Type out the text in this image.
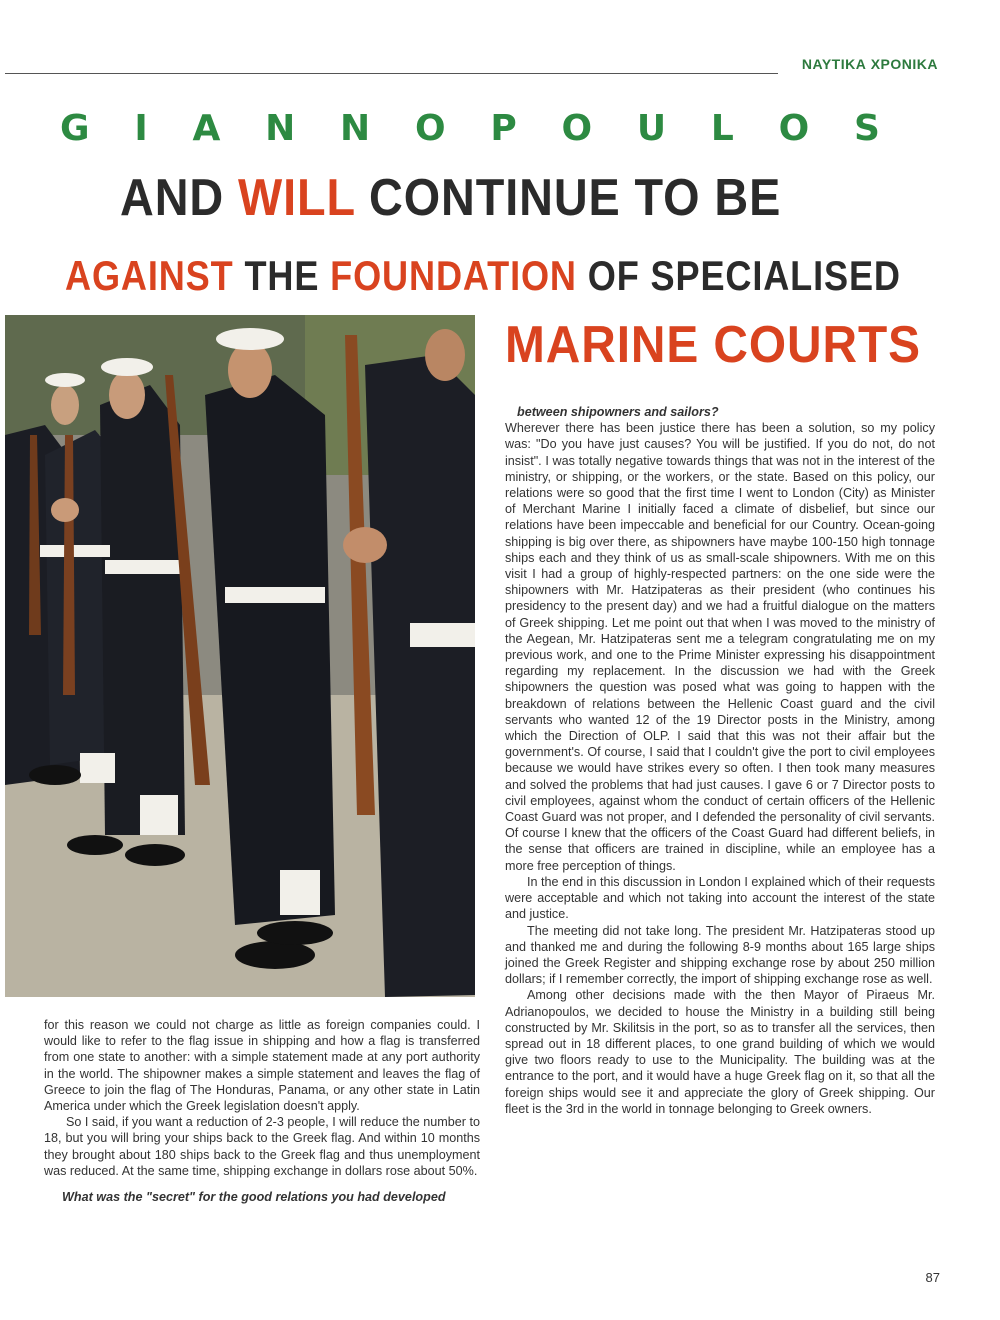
ΝΑΥΤΙΚΑ ΧΡΟΝΙΚΑ
G I A N N O P O U L O S
AND WILL CONTINUE TO BE
AGAINST THE FOUNDATION OF SPECIALISED
MARINE COURTS

between shipowners and sailors?

Wherever there has been justice there has been a solution, so my policy was: "Do you have just causes? You will be justified. If you do not, do not insist". I was totally negative towards things that was not in the interest of the ministry, or shipping, or the workers, or the state. Based on this policy, our relations were so good that the first time I went to London (City) as Minister of Merchant Marine I initially faced a climate of disbelief, but since our relations have been impeccable and beneficial for our Country. Ocean-going shipping is big over there, as shipowners have maybe 100-150 high tonnage ships each and they think of us as small-scale shipowners. With me on this visit I had a group of highly-respected partners: on the one side were the shipowners with Mr. Hatzipateras as their president (who continues his presidency to the present day) and we had a fruitful dialogue on the matters of Greek shipping. Let me point out that when I was moved to the ministry of the Aegean, Mr. Hatzipateras sent me a telegram congratulating me on my previous work, and one to the Prime Minister expressing his disappointment regarding my replacement. In the discussion we had with the Greek shipowners the question was posed what was going to happen with the breakdown of relations between the Hellenic Coast guard and the civil servants who wanted 12 of the 19 Director posts in the Ministry, among which the Direction of OLP. I said that this was not their affair but the government's. Of course, I said that I couldn't give the port to civil employees because we would have strikes every so often. I then took many measures and solved the problems that had just causes. I gave 6 or 7 Director posts to civil employees, against whom the conduct of certain officers of the Hellenic Coast Guard was not proper, and I defended the personality of civil servants. Of course I knew that the officers of the Coast Guard had different beliefs, in the sense that officers are trained in discipline, while an employee has a more free perception of things.

In the end in this discussion in London I explained which of their requests were acceptable and which not taking into account the interest of the state and justice.

The meeting did not take long. The president Mr. Hatzipateras stood up and thanked me and during the following 8-9 months about 165 large ships joined the Greek Register and shipping exchange rose by about 250 million dollars; if I remember correctly, the import of shipping exchange rose as well.

Among other decisions made with the then Mayor of Piraeus Mr. Adrianopoulos, we decided to house the Ministry in a building still being constructed by Mr. Skilitsis in the port, so as to transfer all the services, then spread out in 18 different places, to one grand building of which we would give two floors ready to use to the Municipality. The building was at the entrance to the port, and it would have a huge Greek flag on it, so that all the foreign ships would see it and appreciate the glory of Greek shipping. Our fleet is the 3rd in the world in tonnage belonging to Greek owners.

for this reason we could not charge as little as foreign companies could. I would like to refer to the flag issue in shipping and how a flag is transferred from one state to another: with a simple statement made at any port authority in the world. The shipowner makes a simple statement and leaves the flag of Greece to join the flag of The Honduras, Panama, or any other state in Latin America under which the Greek legislation doesn't apply.

So I said, if you want a reduction of 2-3 people, I will reduce the number to 18, but you will bring your ships back to the Greek flag. And within 10 months they brought about 180 ships back to the Greek flag and thus unemployment was reduced. At the same time, shipping exchange in dollars rose about 50%.

What was the "secret" for the good relations you had developed

87
